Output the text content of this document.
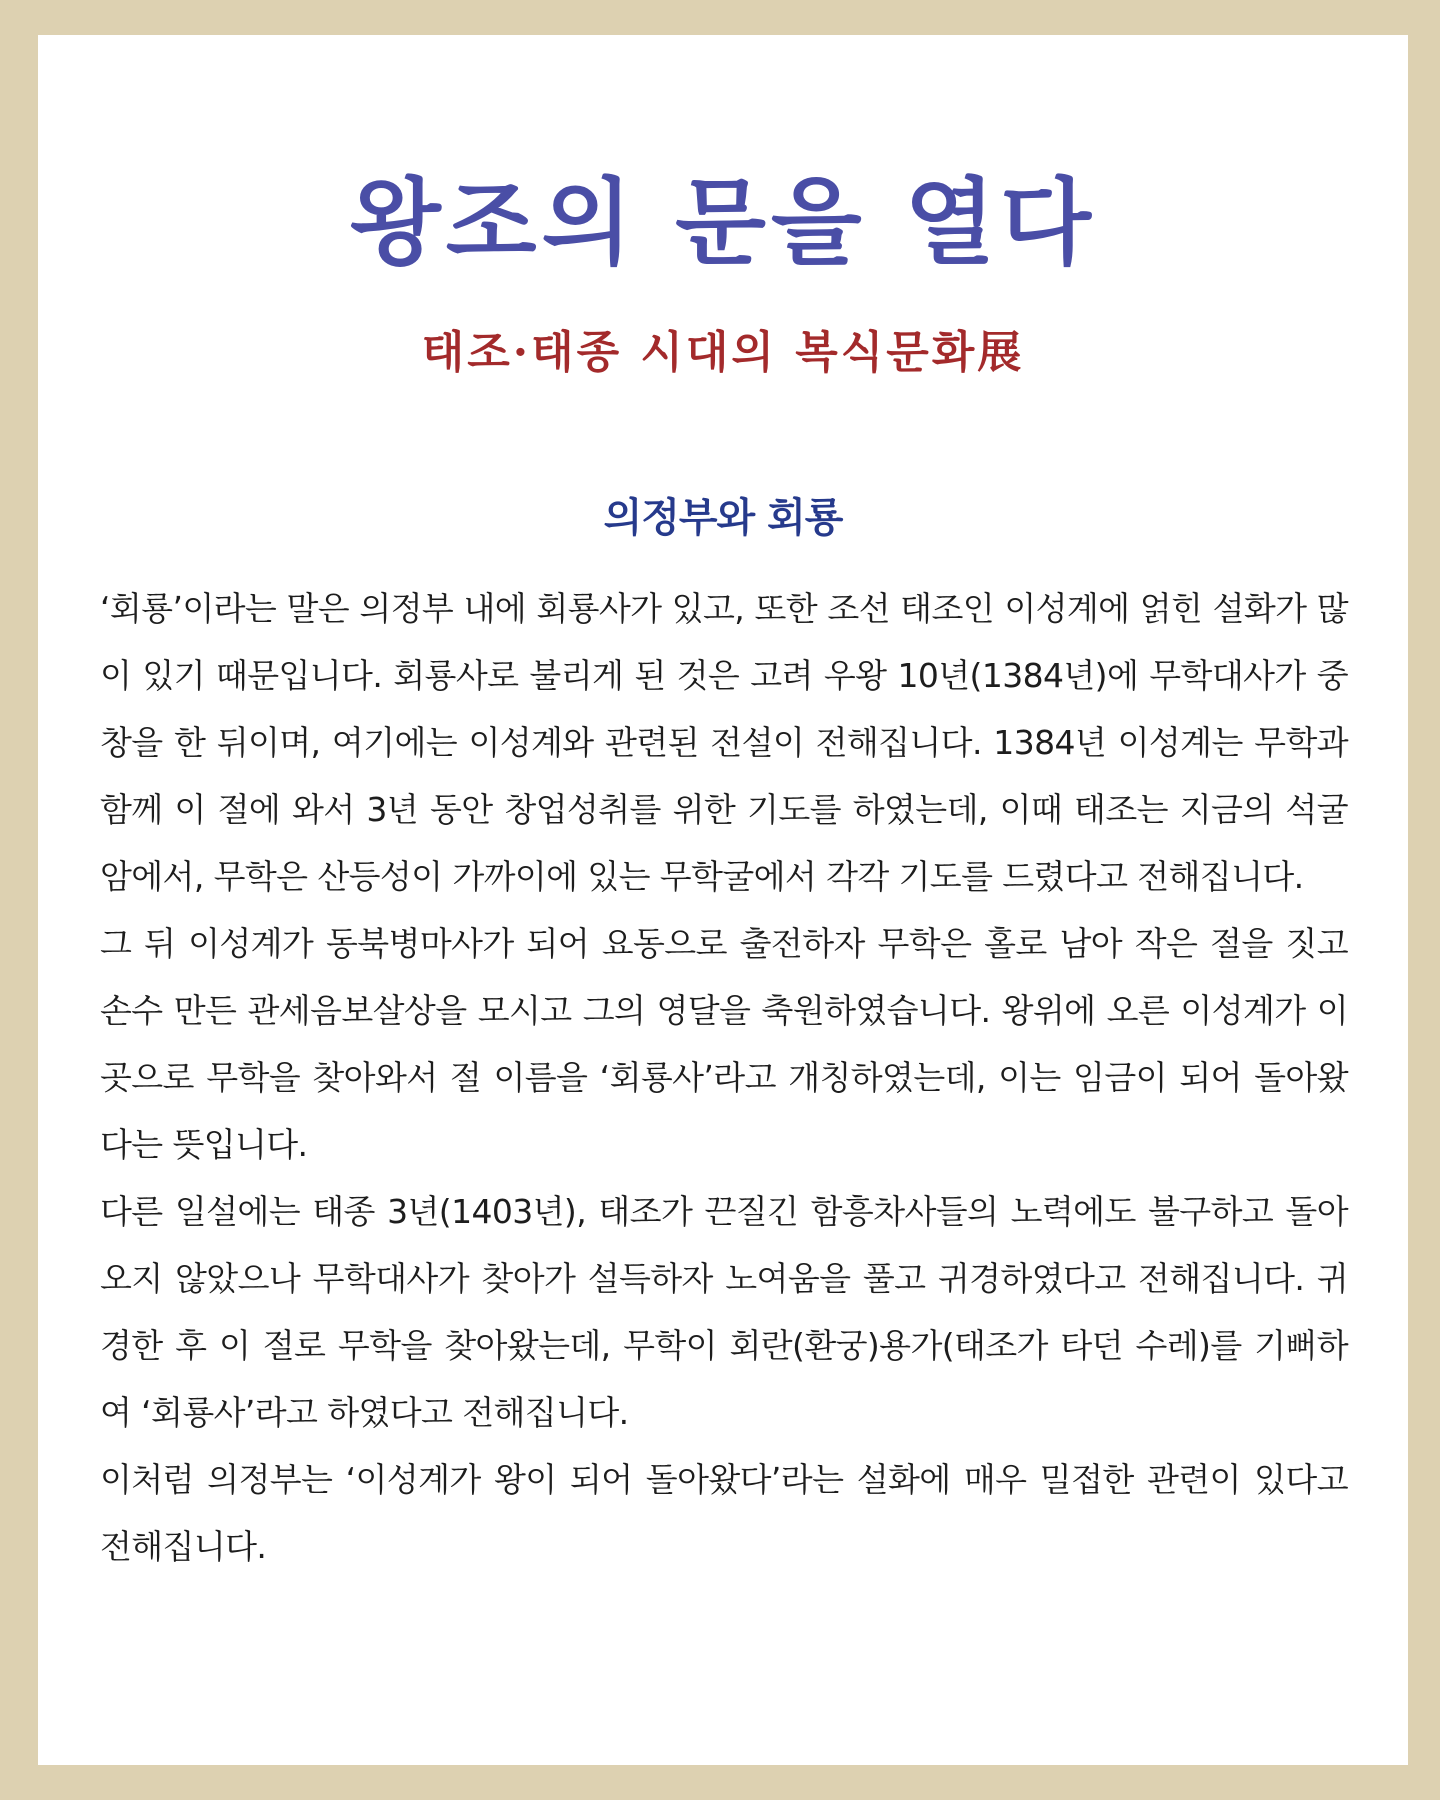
왕조의 문을 열다
태조·태종 시대의 복식문화展
의정부와 회룡

‘회룡’이라는 말은 의정부 내에 회룡사가 있고, 또한 조선 태조인 이성계에 얽힌 설화가 많이 있기 때문입니다. 회룡사로 불리게 된 것은 고려 우왕 10년(1384년)에 무학대사가 중창을 한 뒤이며, 여기에는 이성계와 관련된 전설이 전해집니다. 1384년 이성계는 무학과 함께 이 절에 와서 3년 동안 창업성취를 위한 기도를 하였는데, 이때 태조는 지금의 석굴암에서, 무학은 산등성이 가까이에 있는 무학굴에서 각각 기도를 드렸다고 전해집니다.

그 뒤 이성계가 동북병마사가 되어 요동으로 출전하자 무학은 홀로 남아 작은 절을 짓고 손수 만든 관세음보살상을 모시고 그의 영달을 축원하였습니다. 왕위에 오른 이성계가 이곳으로 무학을 찾아와서 절 이름을 ‘회룡사’라고 개칭하였는데, 이는 임금이 되어 돌아왔다는 뜻입니다.

다른 일설에는 태종 3년(1403년), 태조가 끈질긴 함흥차사들의 노력에도 불구하고 돌아오지 않았으나 무학대사가 찾아가 설득하자 노여움을 풀고 귀경하였다고 전해집니다. 귀경한 후 이 절로 무학을 찾아왔는데, 무학이 회란(환궁)용가(태조가 타던 수레)를 기뻐하여 ‘회룡사’라고 하였다고 전해집니다.

이처럼 의정부는 ‘이성계가 왕이 되어 돌아왔다’라는 설화에 매우 밀접한 관련이 있다고 전해집니다.
